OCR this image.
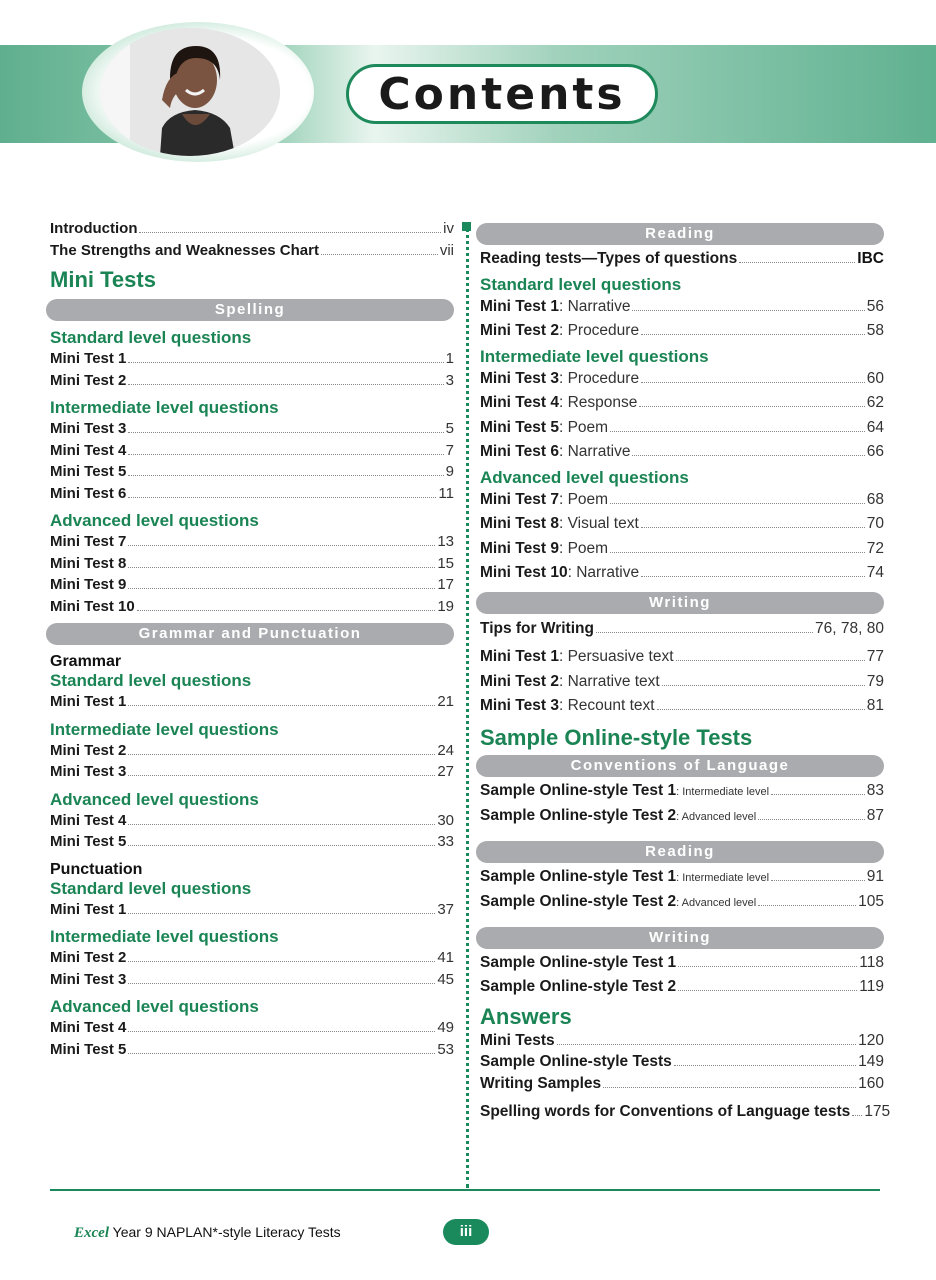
Contents
Introduction	iv
The Strengths and Weaknesses Chart	vii
Mini Tests
Spelling
Standard level questions
Mini Test 1	1
Mini Test 2	3
Intermediate level questions
Mini Test 3	5
Mini Test 4	7
Mini Test 5	9
Mini Test 6	11
Advanced level questions
Mini Test 7	13
Mini Test 8	15
Mini Test 9	17
Mini Test 10	19
Grammar and Punctuation
Grammar
Standard level questions
Mini Test 1	21
Intermediate level questions
Mini Test 2	24
Mini Test 3	27
Advanced level questions
Mini Test 4	30
Mini Test 5	33
Punctuation
Standard level questions
Mini Test 1	37
Intermediate level questions
Mini Test 2	41
Mini Test 3	45
Advanced level questions
Mini Test 4	49
Mini Test 5	53
Reading
Reading tests—Types of questions	IBC
Standard level questions
Mini Test 1 : Narrative	56
Mini Test 2 : Procedure	58
Intermediate level questions
Mini Test 3 : Procedure	60
Mini Test 4 : Response	62
Mini Test 5 : Poem	64
Mini Test 6 : Narrative	66
Advanced level questions
Mini Test 7 : Poem	68
Mini Test 8 : Visual text	70
Mini Test 9 : Poem	72
Mini Test 10 : Narrative	74
Writing
Tips for Writing	76, 78, 80
Mini Test 1 : Persuasive text	77
Mini Test 2 : Narrative text	79
Mini Test 3 : Recount text	81
Sample Online-style Tests
Conventions of Language
Sample Online-style Test 1 : Intermediate level	83
Sample Online-style Test 2 : Advanced level	87
Reading
Sample Online-style Test 1 : Intermediate level	91
Sample Online-style Test 2 : Advanced level	105
Writing
Sample Online-style Test 1	118
Sample Online-style Test 2	119
Answers
Mini Tests	120
Sample Online-style Tests	149
Writing Samples	160
Spelling words for Conventions of Language tests 175
Excel Year 9 NAPLAN*-style Literacy Tests	iii
